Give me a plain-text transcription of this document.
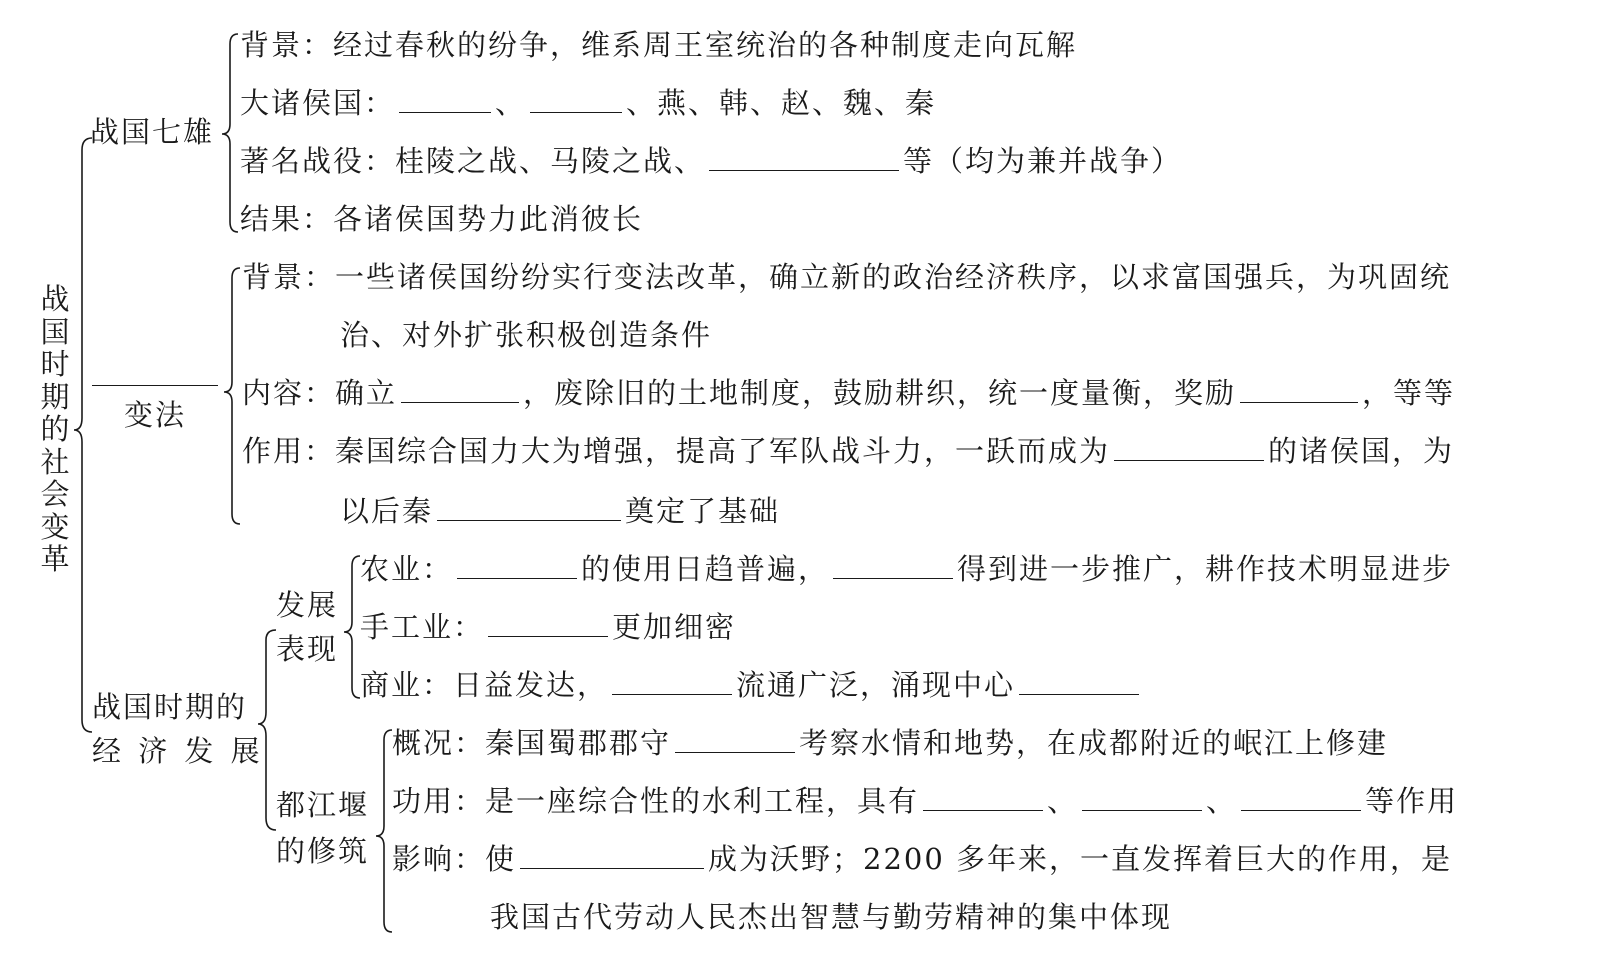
战国时期的社会变革
战国七雄
背景：经过春秋的纷争，维系周王室统治的各种制度走向瓦解
大诸侯国：	、	、燕、韩、赵、魏、秦
著名战役：桂陵之战、马陵之战、	等（均为兼并战争）
结果：各诸侯国势力此消彼长
变法
背景：一些诸侯国纷纷实行变法改革，确立新的政治经济秩序，以求富国强兵，为巩固统
治、对外扩张积极创造条件
内容：确立	，废除旧的土地制度，鼓励耕织，统一度量衡，奖励	，等等
作用：秦国综合国力大为增强，提高了军队战斗力，一跃而成为	的诸侯国，为
以后秦	奠定了基础
战国时期的
经 济 发 展
发展
表现
农业：	的使用日趋普遍，	得到进一步推广，耕作技术明显进步
手工业：	更加细密
商业：日益发达，	流通广泛，涌现中心
都江堰
的修筑
概况：秦国蜀郡郡守	考察水情和地势，在成都附近的岷江上修建
功用：是一座综合性的水利工程，具有	、	、	等作用
影响：使	成为沃野；2200 多年来，一直发挥着巨大的作用，是
我国古代劳动人民杰出智慧与勤劳精神的集中体现
